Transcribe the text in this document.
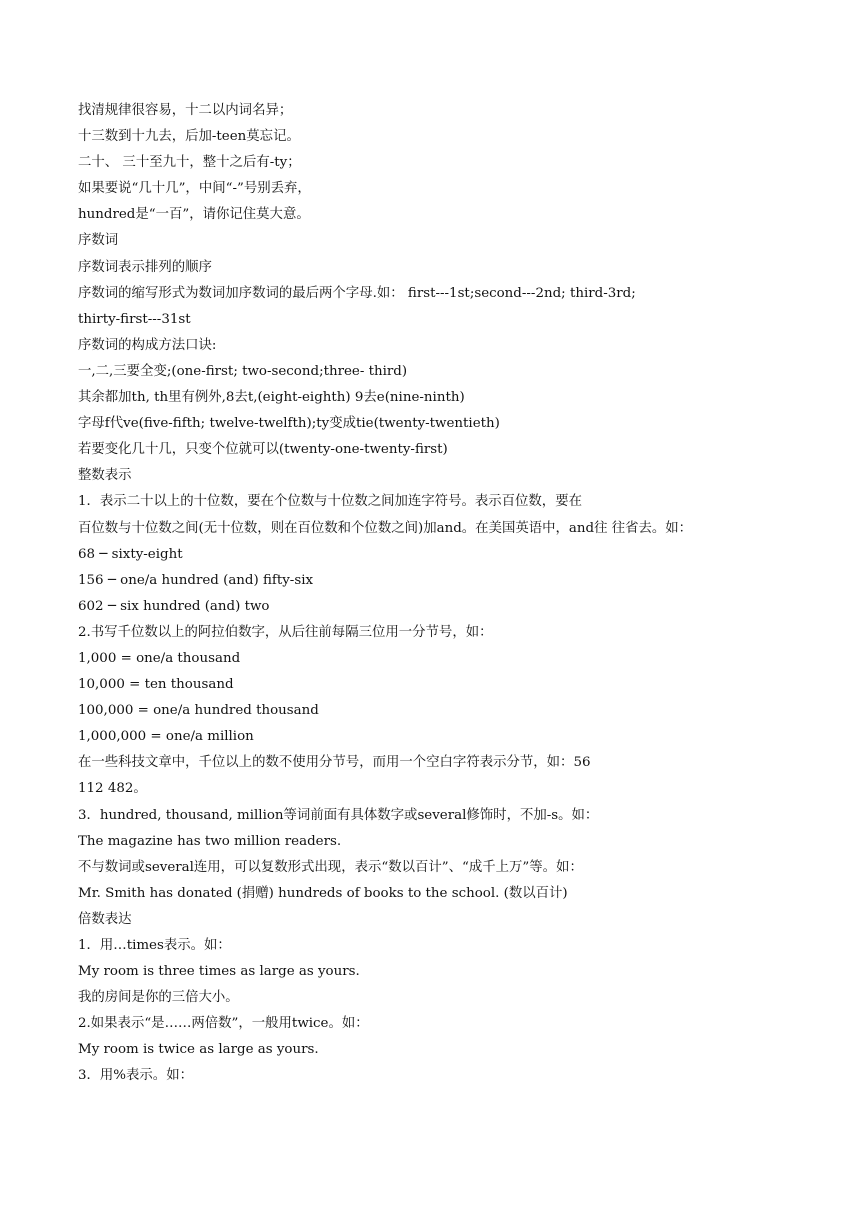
找清规律很容易，十二以内词名异；
十三数到十九去，后加-teen莫忘记。
二十、 三十至九十，整十之后有-ty；
如果要说“几十几”，中间“-”号别丢弃，
hundred是“一百”，请你记住莫大意。
序数词
序数词表示排列的顺序
序数词的缩写形式为数词加序数词的最后两个字母.如： first---1st;second---2nd; third-3rd;
thirty-first---31st
序数词的构成方法口诀:
一,二,三要全变;(one-first; two-second;three- third)
其余都加th, th里有例外,8去t,(eight-eighth) 9去e(nine-ninth)
字母f代ve(five-fifth; twelve-twelfth);ty变成tie(twenty-twentieth)
若要变化几十几，只变个位就可以(twenty-one-twenty-first)
整数表示
1．表示二十以上的十位数，要在个位数与十位数之间加连字符号。表示百位数，要在
百位数与十位数之间(无十位数，则在百位数和个位数之间)加and。在美国英语中，and往 往省去。如：
68 ─ sixty-eight
156 ─ one/a hundred (and) fifty-six
602 ─ six hundred (and) two
2.书写千位数以上的阿拉伯数字，从后往前每隔三位用一分节号，如：
1,000 = one/a thousand
10,000 = ten thousand
100,000 = one/a hundred thousand
1,000,000 = one/a million
在一些科技文章中，千位以上的数不使用分节号，而用一个空白字符表示分节，如：56
112 482。
3．hundred, thousand, million等词前面有具体数字或several修饰时，不加-s。如：
The magazine has two million readers.
不与数词或several连用，可以复数形式出现，表示“数以百计”、“成千上万”等。如：
Mr. Smith has donated (捐赠) hundreds of books to the school. (数以百计)
倍数表达
1．用…times表示。如：
My room is three times as large as yours.
我的房间是你的三倍大小。
2.如果表示“是……两倍数”，一般用twice。如：
My room is twice as large as yours.
3．用%表示。如：
